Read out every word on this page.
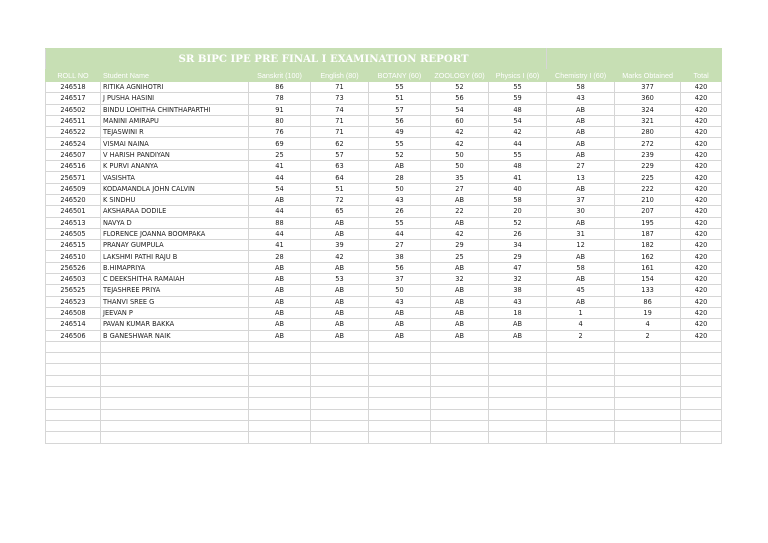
	SR BIPC IPE PRE FINAL I EXAMINATION REPORT								
ROLL NO	Student Name	Sanskrit (100)	English (80)	BOTANY (60)	ZOOLOGY (60)	Physics I (60)	Chemistry I (60)	Marks Obtained	Total
246518	RITIKA AGNIHOTRI	86	71	55	52	55	58	377	420
246517	J PUSHA HASINI	78	73	51	56	59	43	360	420
246502	BINDU LOHITHA CHINTHAPARTHI	91	74	57	54	48	AB	324	420
246511	MANINI AMIRAPU	80	71	56	60	54	AB	321	420
246522	TEJASWINI R	76	71	49	42	42	AB	280	420
246524	VISMAI NAINA	69	62	55	42	44	AB	272	420
246507	V HARISH PANDIYAN	25	57	52	50	55	AB	239	420
246516	K PURVI ANANYA	41	63	AB	50	48	27	229	420
256571	VASISHTA	44	64	28	35	41	13	225	420
246509	KODAMANDLA JOHN CALVIN	54	51	50	27	40	AB	222	420
246520	K SINDHU	AB	72	43	AB	58	37	210	420
246501	AKSHARAA DODILE	44	65	26	22	20	30	207	420
246513	NAVYA D	88	AB	55	AB	52	AB	195	420
246505	FLORENCE JOANNA BOOMPAKA	44	AB	44	42	26	31	187	420
246515	PRANAY GUMPULA	41	39	27	29	34	12	182	420
246510	LAKSHMI PATHI RAJU B	28	42	38	25	29	AB	162	420
256526	B.HIMAPRIYA	AB	AB	56	AB	47	58	161	420
246503	C DEEKSHITHA RAMAIAH	AB	53	37	32	32	AB	154	420
256525	TEJASHREE PRIYA	AB	AB	50	AB	38	45	133	420
246523	THANVI SREE G	AB	AB	43	AB	43	AB	86	420
246508	JEEVAN P	AB	AB	AB	AB	18	1	19	420
246514	PAVAN KUMAR BAKKA	AB	AB	AB	AB	AB	4	4	420
246506	B GANESHWAR NAIK	AB	AB	AB	AB	AB	2	2	420
